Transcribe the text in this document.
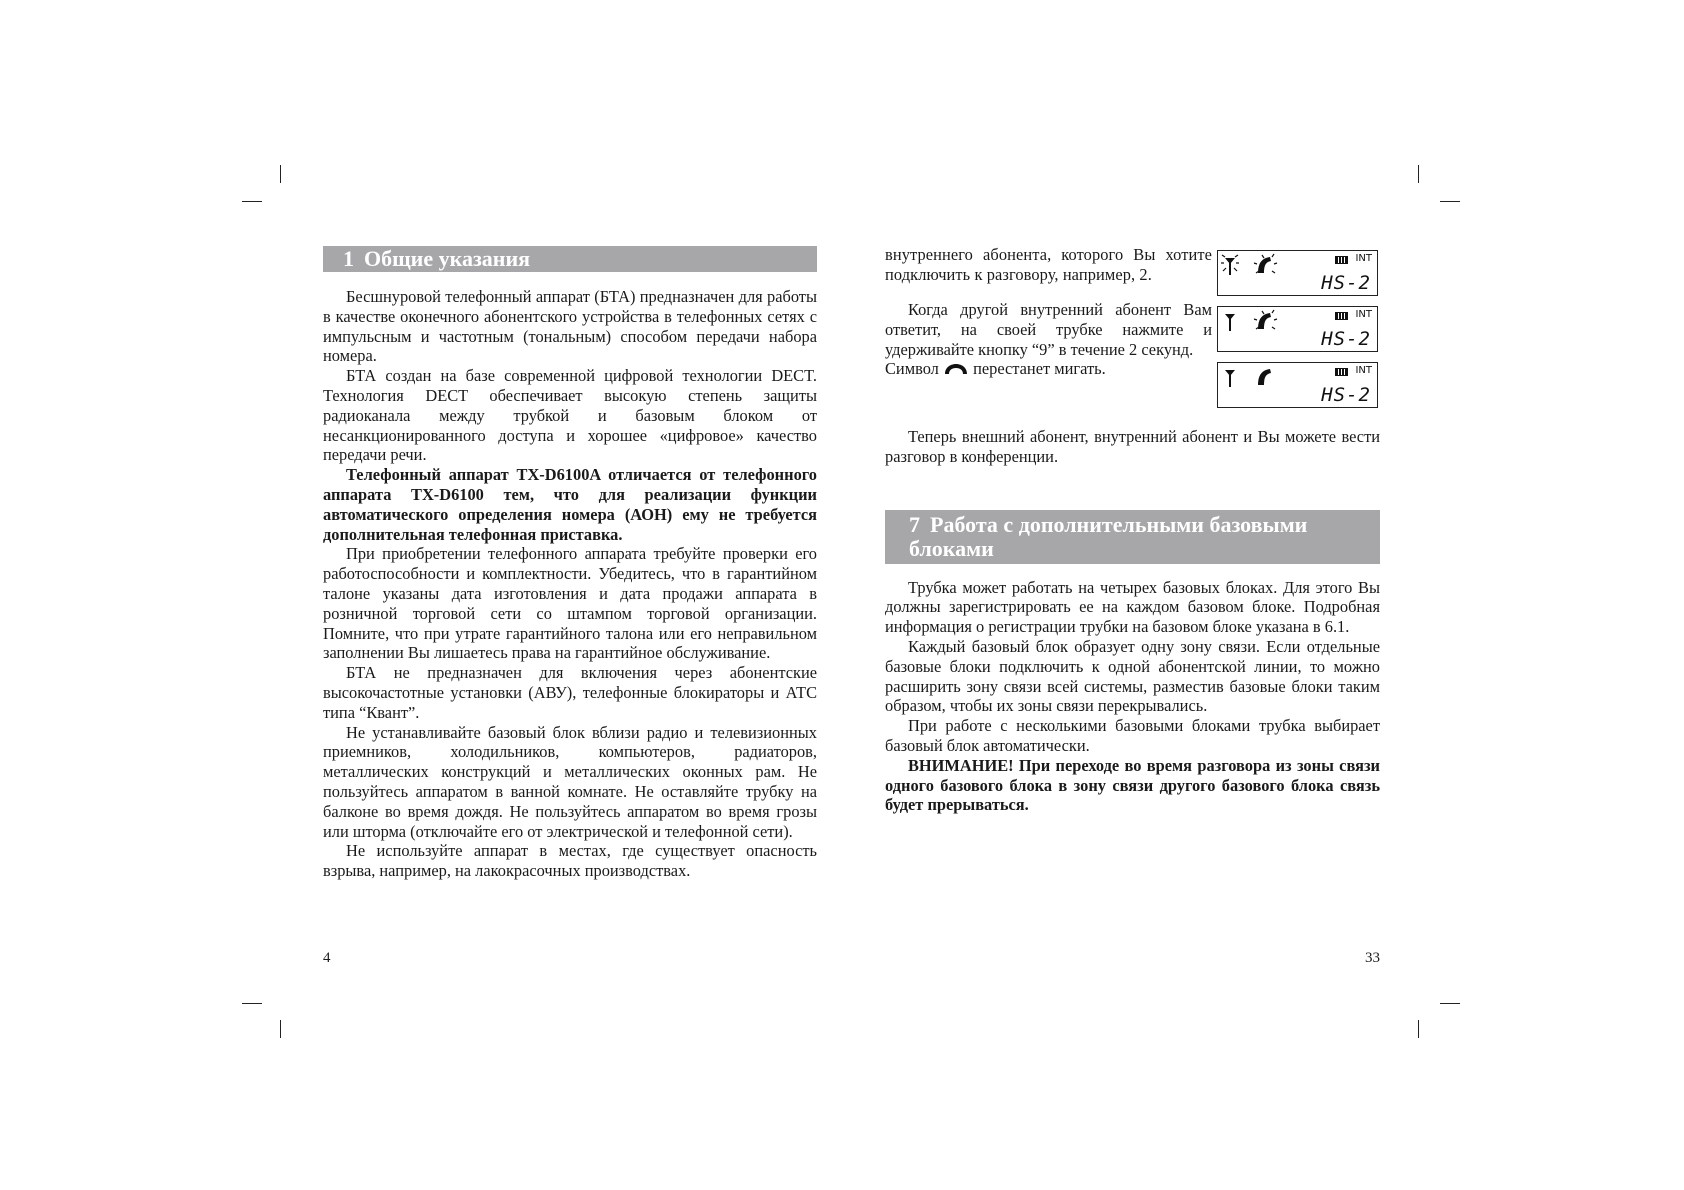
1 Общие указания

Бесшнуровой телефонный аппарат (БТА) предназначен для работы в качестве оконечного абонентского устройства в телефонных сетях с импульсным и частотным (тональным) способом передачи набора номера.

БТА создан на базе современной цифровой технологии DECT. Технология DECT обеспечивает высокую степень защиты радиоканала между трубкой и базовым блоком от несанкционированного доступа и хорошее «цифровое» качество передачи речи.

Телефонный аппарат TX-D6100A отличается от телефонного аппарата TX-D6100 тем, что для реализации функции автоматического определения номера (АОН) ему не требуется дополнительная телефонная приставка.

При приобретении телефонного аппарата требуйте проверки его работоспособности и комплектности. Убедитесь, что в гарантийном талоне указаны дата изготовления и дата продажи аппарата в розничной торговой сети со штампом торговой организации. Помните, что при утрате гарантийного талона или его неправильном заполнении Вы лишаетесь права на гарантийное обслуживание.

БТА не предназначен для включения через абонентские высокочастотные установки (АВУ), телефонные блокираторы и АТС типа “Квант”.

Не устанавливайте базовый блок вблизи радио и телевизионных приемников, холодильников, компьютеров, радиаторов, металлических конструкций и металлических оконных рам. Не пользуйтесь аппаратом в ванной комнате. Не оставляйте трубку на балконе во время дождя. Не пользуйтесь аппаратом во время грозы или шторма (отключайте его от электрической и телефонной сети).

Не используйте аппарат в местах, где существует опасность взрыва, например, на лакокрасочных производствах.

4

внутреннего абонента, которого Вы хотите подключить к разговору, например, 2.

Когда другой внутренний абонент Вам ответит, на своей трубке нажмите и удерживайте кнопку “9” в течение 2 секунд.

Символ перестанет мигать.

INT
HS-2
INT
HS-2
INT
HS-2

Теперь внешний абонент, внутренний абонент и Вы можете вести разговор в конференции.

7 Работа с дополнительными базовыми
блоками

Трубка может работать на четырех базовых блоках. Для этого Вы должны зарегистрировать ее на каждом базовом блоке. Подробная информация о регистрации трубки на базовом блоке указана в 6.1.

Каждый базовый блок образует одну зону связи. Если отдельные базовые блоки подключить к одной абонентской линии, то можно расширить зону связи всей системы, разместив базовые блоки таким образом, чтобы их зоны связи перекрывались.

При работе с несколькими базовыми блоками трубка выбирает базовый блок автоматически.

ВНИМАНИЕ! При переходе во время разговора из зоны связи одного базового блока в зону связи другого базового блока связь будет прерываться.

33
